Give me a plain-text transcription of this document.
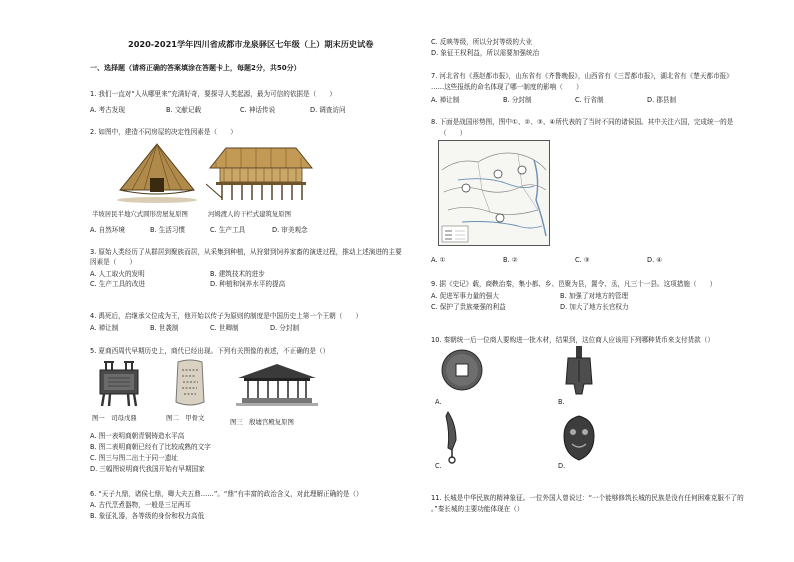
2020-2021学年四川省成都市龙泉驿区七年级（上）期末历史试卷
一、选择题（请将正确的答案填涂在答题卡上，每题2分，共50分）
1. 我们一直对“人从哪里来”充满好奇，要探寻人类起源，最为可信的依据是（　　）
A. 考古发现	B. 文献记载	C. 神话传说	D. 调查访问
2. 如图中，建造不同房屋的决定性因素是（　　）
半坡居民半地穴式圆形房屋复原图	河姆渡人的干栏式建筑复原图
A. 自然环境	B. 生活习惯	C. 生产工具	D. 审美观念
3. 原始人类经历了从群居到聚族而居，从采集到种植，从狩猎到饲养家畜的演进过程，推动上述演进的主要
因素是（　　）
A. 人工取火的发明	B. 建筑技术的进步
C. 生产工具的改进	D. 种植和饲养水平的提高
4. 禹死后，启继承父位成为王，他开始以传子为原则的制度是中国历史上第一个王朝（　　）
A. 禅让制	B. 世袭制	C. 世卿制	D. 分封制
5. 夏商西周代早期历史上，商代已经出现。下列有关图像的表述，不正确的是（）
图一　司母戊鼎	图二　甲骨文	图三　殷墟宫殿复原图
A. 图一表明商朝青铜铸造水平高
B. 图二表明商朝已经有了比较成熟的文字
C. 图三与图二出土于同一遗址
D. 三幅图说明商代我国开始有早期国家
6. “天子九鼎，诸侯七鼎，卿大夫五鼎……”。“鼎”有丰富的政治含义，对此理解正确的是（）
A. 古代烹煮器物，一般是三足两耳
B. 象征礼器，各等级的身份和权力高低
C. 反映等级，所以分封等级的大业
D. 象征王权利益，所以需要加强统治
7. 河北省有《燕赵都市报》，山东省有《齐鲁晚报》，山西省有《三晋都市报》，湖北省有《楚天都市报》
……这些报纸的命名体现了哪一制度的影响（　　）
A. 禅让制	B. 分封制	C. 行省制	D. 郡县制
8. 下面是战国形势图，图中①、②、③、④所代表的了当时不同的诸侯国。其中关注六国，完成统一的是
（　　）
A. ①	B. ②	C. ③	D. ④
9. 据《史记》载，商鞅治秦，集小都、乡、邑聚为县，置令、丞，凡三十一县。这项措施（　　）
A. 促进军事力量的强大	B. 加强了对地方的管理
C. 保护了贵族豪强的利益	D. 加大了地方长官权力
10. 秦朝统一后一位商人要购进一批木材，结果到，这位商人应该用下列哪种货币来支付货款（）
A.	B.
C.	D.
11. 长城是中华民族的精神象征。一位外国人曾说过：“一个能够修筑长城的民族是没有任何困难克服不了的
。”秦长城的主要功能体现在（）
